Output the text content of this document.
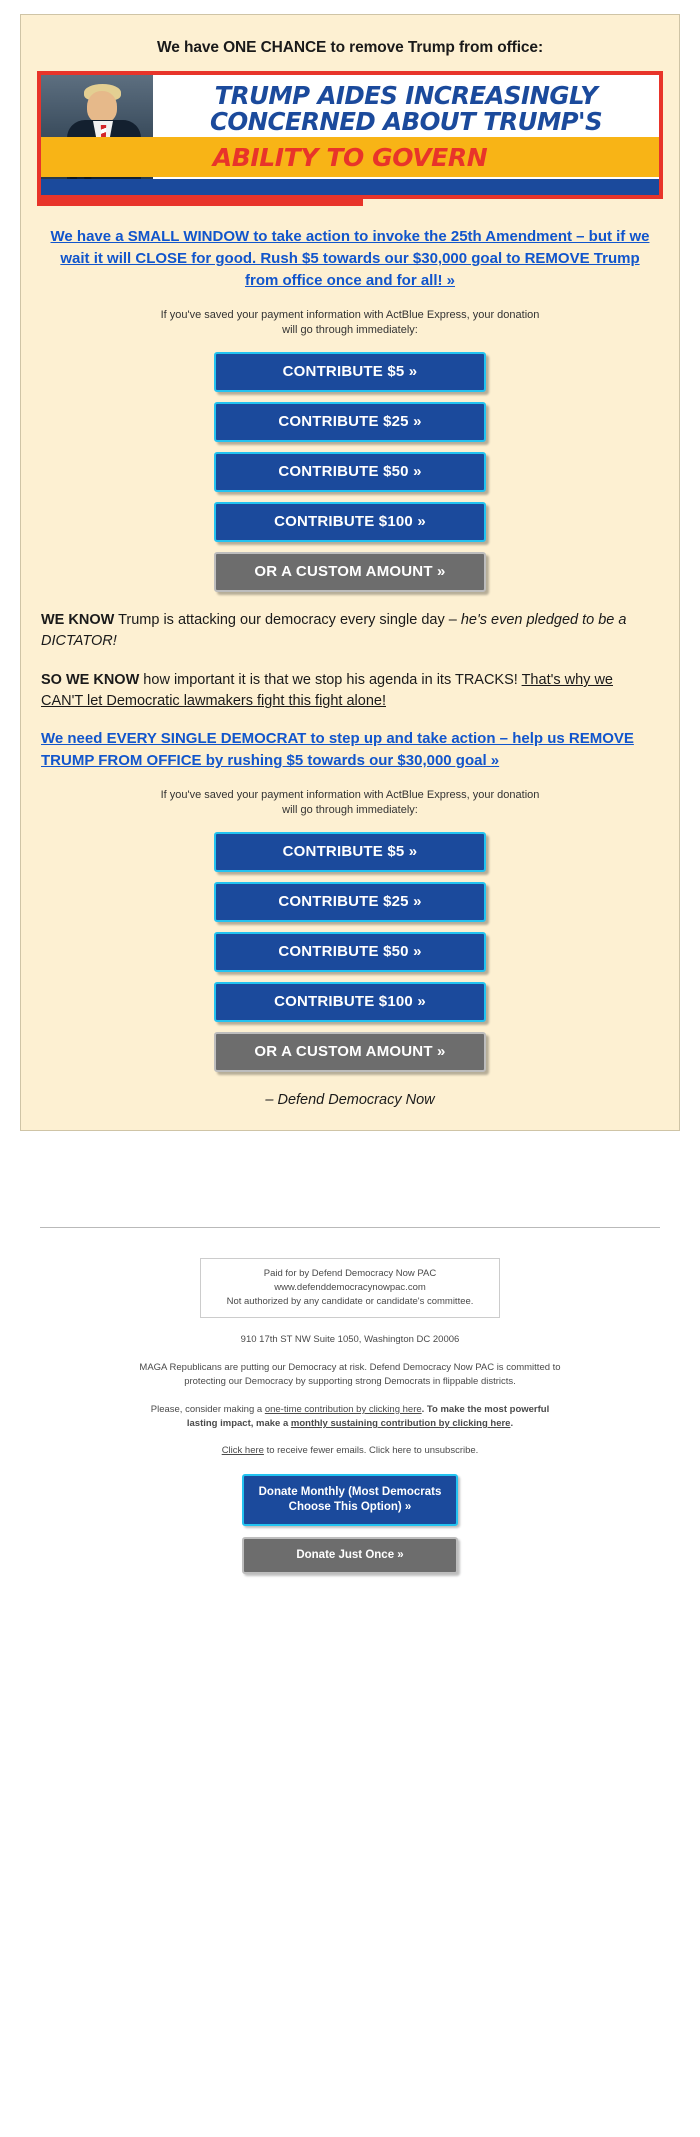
We have ONE CHANCE to remove Trump from office:
TRUMP AIDES INCREASINGLY
CONCERNED ABOUT TRUMP'S
ABILITY TO GOVERN
We have a SMALL WINDOW to take action to invoke the 25th Amendment – but if we wait it will CLOSE for good. Rush $5 towards our $30,000 goal to REMOVE Trump from office once and for all! »
If you've saved your payment information with ActBlue Express, your donation
will go through immediately:
CONTRIBUTE $5 »
CONTRIBUTE $25 »
CONTRIBUTE $50 »
CONTRIBUTE $100 »
OR A CUSTOM AMOUNT »
WE KNOW Trump is attacking our democracy every single day – he's even pledged to be a DICTATOR!
SO WE KNOW how important it is that we stop his agenda in its TRACKS! That's why we CAN'T let Democratic lawmakers fight this fight alone!
We need EVERY SINGLE DEMOCRAT to step up and take action – help us REMOVE TRUMP FROM OFFICE by rushing $5 towards our $30,000 goal »
If you've saved your payment information with ActBlue Express, your donation
will go through immediately:
CONTRIBUTE $5 »
CONTRIBUTE $25 »
CONTRIBUTE $50 »
CONTRIBUTE $100 »
OR A CUSTOM AMOUNT »
– Defend Democracy Now
Paid for by Defend Democracy Now PAC
www.defenddemocracynowpac.com
Not authorized by any candidate or candidate's committee.
910 17th ST NW Suite 1050, Washington DC 20006
MAGA Republicans are putting our Democracy at risk. Defend Democracy Now PAC is committed to protecting our Democracy by supporting strong Democrats in flippable districts.
Please, consider making a one-time contribution by clicking here. To make the most powerful lasting impact, make a monthly sustaining contribution by clicking here.
Click here to receive fewer emails. Click here to unsubscribe.
Donate Monthly (Most Democrats Choose This Option) »
Donate Just Once »
